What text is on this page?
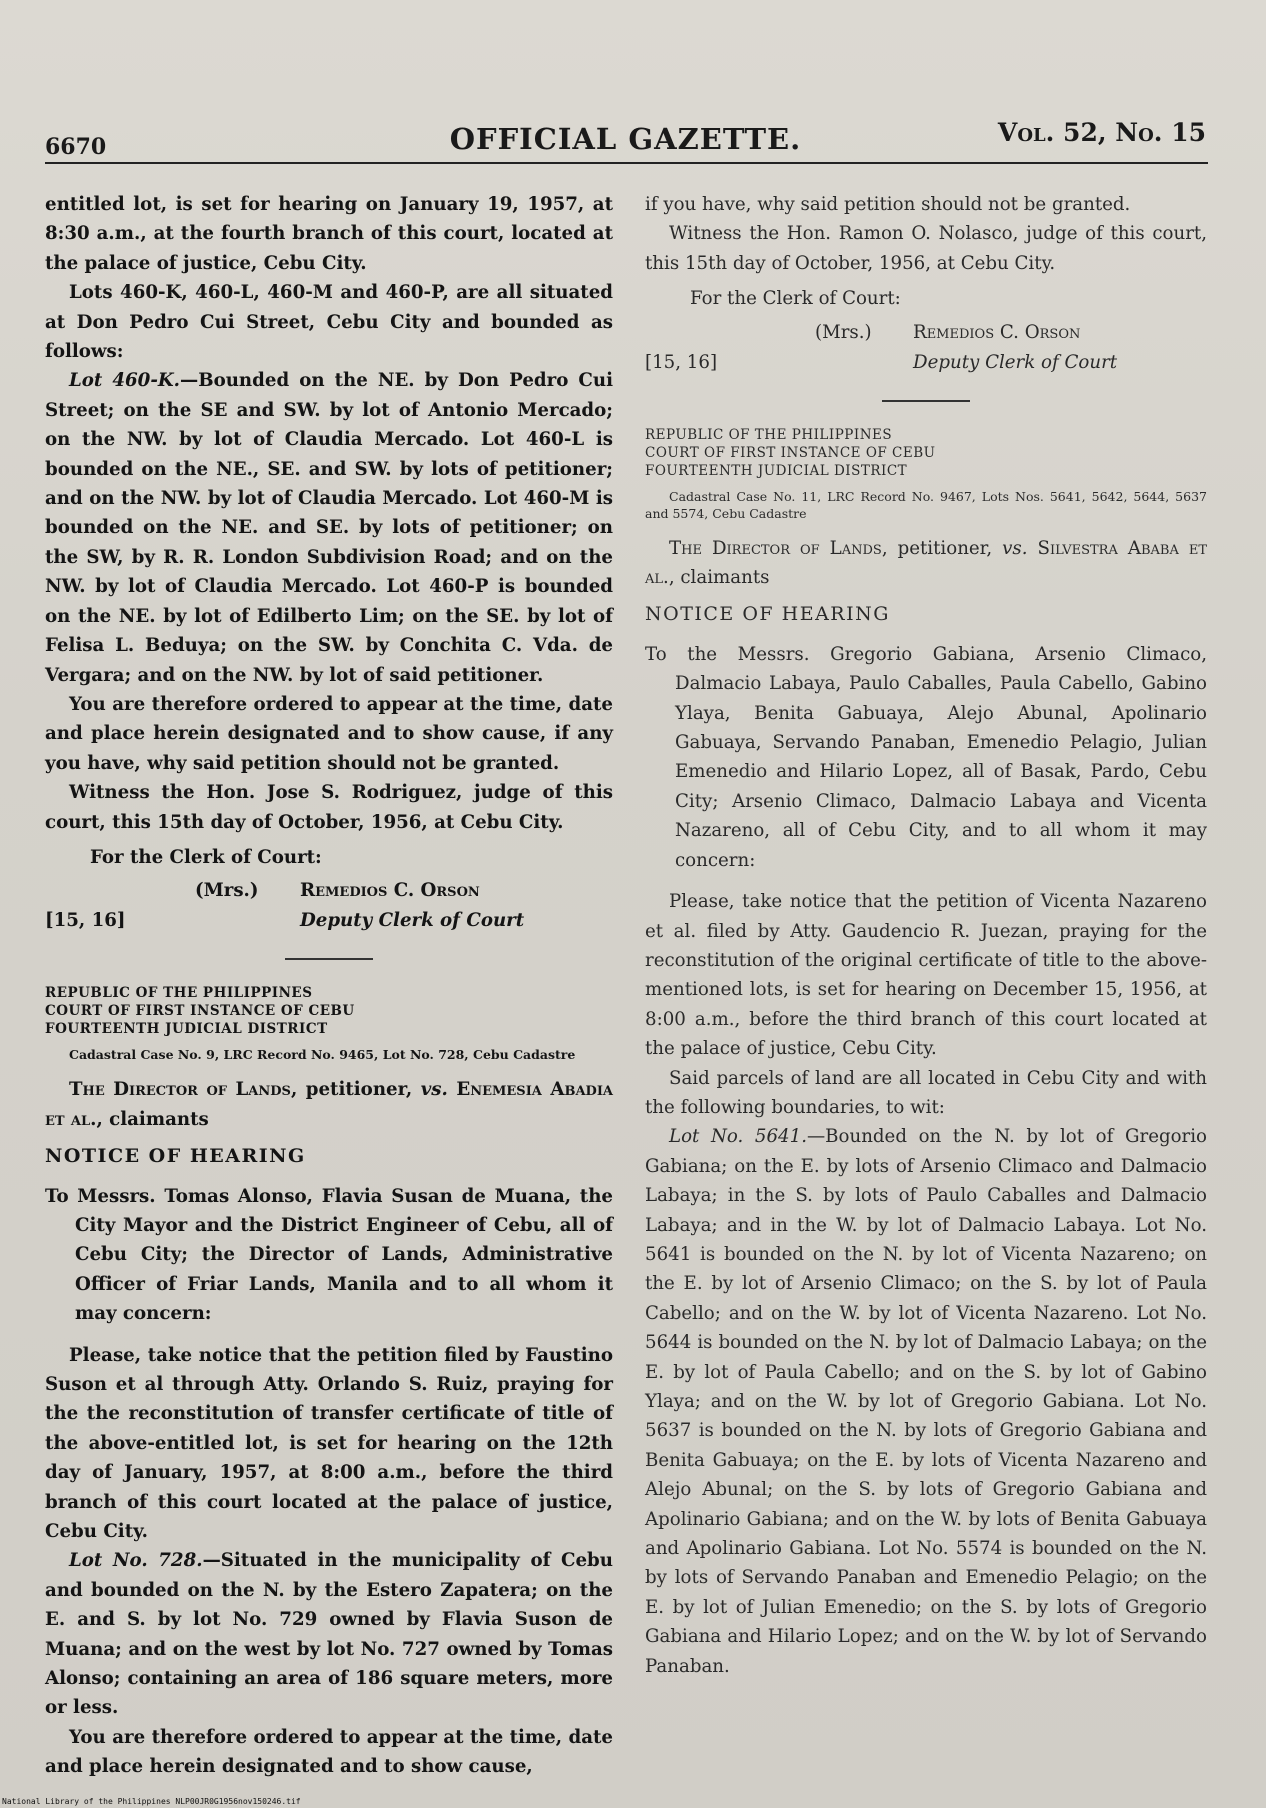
6670	OFFICIAL GAZETTE.	Vol. 52, No. 15

entitled lot, is set for hearing on January 19, 1957, at 8:30 a.m., at the fourth branch of this court, located at the palace of justice, Cebu City.

Lots 460-K, 460-L, 460-M and 460-P, are all situated at Don Pedro Cui Street, Cebu City and bounded as follows:

Lot 460-K.—Bounded on the NE. by Don Pedro Cui Street; on the SE and SW. by lot of Antonio Mercado; on the NW. by lot of Claudia Mercado. Lot 460-L is bounded on the NE., SE. and SW. by lots of petitioner; and on the NW. by lot of Claudia Mercado. Lot 460-M is bounded on the NE. and SE. by lots of petitioner; on the SW, by R. R. London Subdivision Road; and on the NW. by lot of Claudia Mercado. Lot 460-P is bounded on the NE. by lot of Edilberto Lim; on the SE. by lot of Felisa L. Beduya; on the SW. by Conchita C. Vda. de Vergara; and on the NW. by lot of said petitioner.

You are therefore ordered to appear at the time, date and place herein designated and to show cause, if any you have, why said petition should not be granted.

Witness the Hon. Jose S. Rodriguez, judge of this court, this 15th day of October, 1956, at Cebu City.

For the Clerk of Court:

(Mrs.) Remedios C. Orson
[15, 16]	Deputy Clerk of Court

REPUBLIC OF THE PHILIPPINES

COURT OF FIRST INSTANCE OF CEBU

FOURTEENTH JUDICIAL DISTRICT

Cadastral Case No. 9, LRC Record No. 9465, Lot No. 728, Cebu Cadastre

The Director of Lands, petitioner, vs. Enemesia Abadia et al., claimants

NOTICE OF HEARING

To Messrs. Tomas Alonso, Flavia Susan de Muana, the City Mayor and the District Engineer of Cebu, all of Cebu City; the Director of Lands, Administrative Officer of Friar Lands, Manila and to all whom it may concern:

Please, take notice that the petition filed by Faustino Suson et al through Atty. Orlando S. Ruiz, praying for the the reconstitution of transfer certificate of title of the above-entitled lot, is set for hearing on the 12th day of January, 1957, at 8:00 a.m., before the third branch of this court located at the palace of justice, Cebu City.

Lot No. 728.—Situated in the municipality of Cebu and bounded on the N. by the Estero Zapatera; on the E. and S. by lot No. 729 owned by Flavia Suson de Muana; and on the west by lot No. 727 owned by Tomas Alonso; containing an area of 186 square meters, more or less.

You are therefore ordered to appear at the time, date and place herein designated and to show cause,

if you have, why said petition should not be granted.

Witness the Hon. Ramon O. Nolasco, judge of this court, this 15th day of October, 1956, at Cebu City.

For the Clerk of Court:

(Mrs.) Remedios C. Orson
[15, 16]	Deputy Clerk of Court

REPUBLIC OF THE PHILIPPINES

COURT OF FIRST INSTANCE OF CEBU

FOURTEENTH JUDICIAL DISTRICT

Cadastral Case No. 11, LRC Record No. 9467, Lots Nos. 5641, 5642, 5644, 5637 and 5574, Cebu Cadastre

The Director of Lands, petitioner, vs. Silvestra Ababa et al., claimants

NOTICE OF HEARING

To the Messrs. Gregorio Gabiana, Arsenio Climaco, Dalmacio Labaya, Paulo Caballes, Paula Cabello, Gabino Ylaya, Benita Gabuaya, Alejo Abunal, Apolinario Gabuaya, Servando Panaban, Emenedio Pelagio, Julian Emenedio and Hilario Lopez, all of Basak, Pardo, Cebu City; Arsenio Climaco, Dalmacio Labaya and Vicenta Nazareno, all of Cebu City, and to all whom it may concern:

Please, take notice that the petition of Vicenta Nazareno et al. filed by Atty. Gaudencio R. Juezan, praying for the reconstitution of the original certificate of title to the above-mentioned lots, is set for hearing on December 15, 1956, at 8:00 a.m., before the third branch of this court located at the palace of justice, Cebu City.

Said parcels of land are all located in Cebu City and with the following boundaries, to wit:

Lot No. 5641.—Bounded on the N. by lot of Gregorio Gabiana; on the E. by lots of Arsenio Climaco and Dalmacio Labaya; in the S. by lots of Paulo Caballes and Dalmacio Labaya; and in the W. by lot of Dalmacio Labaya. Lot No. 5641 is bounded on the N. by lot of Vicenta Nazareno; on the E. by lot of Arsenio Climaco; on the S. by lot of Paula Cabello; and on the W. by lot of Vicenta Nazareno. Lot No. 5644 is bounded on the N. by lot of Dalmacio Labaya; on the E. by lot of Paula Cabello; and on the S. by lot of Gabino Ylaya; and on the W. by lot of Gregorio Gabiana. Lot No. 5637 is bounded on the N. by lots of Gregorio Gabiana and Benita Gabuaya; on the E. by lots of Vicenta Nazareno and Alejo Abunal; on the S. by lots of Gregorio Gabiana and Apolinario Gabiana; and on the W. by lots of Benita Gabuaya and Apolinario Gabiana. Lot No. 5574 is bounded on the N. by lots of Servando Panaban and Emenedio Pelagio; on the E. by lot of Julian Emenedio; on the S. by lots of Gregorio Gabiana and Hilario Lopez; and on the W. by lot of Servando Panaban.

National Library of the Philippines NLP00JR0G1956nov150246.tif
